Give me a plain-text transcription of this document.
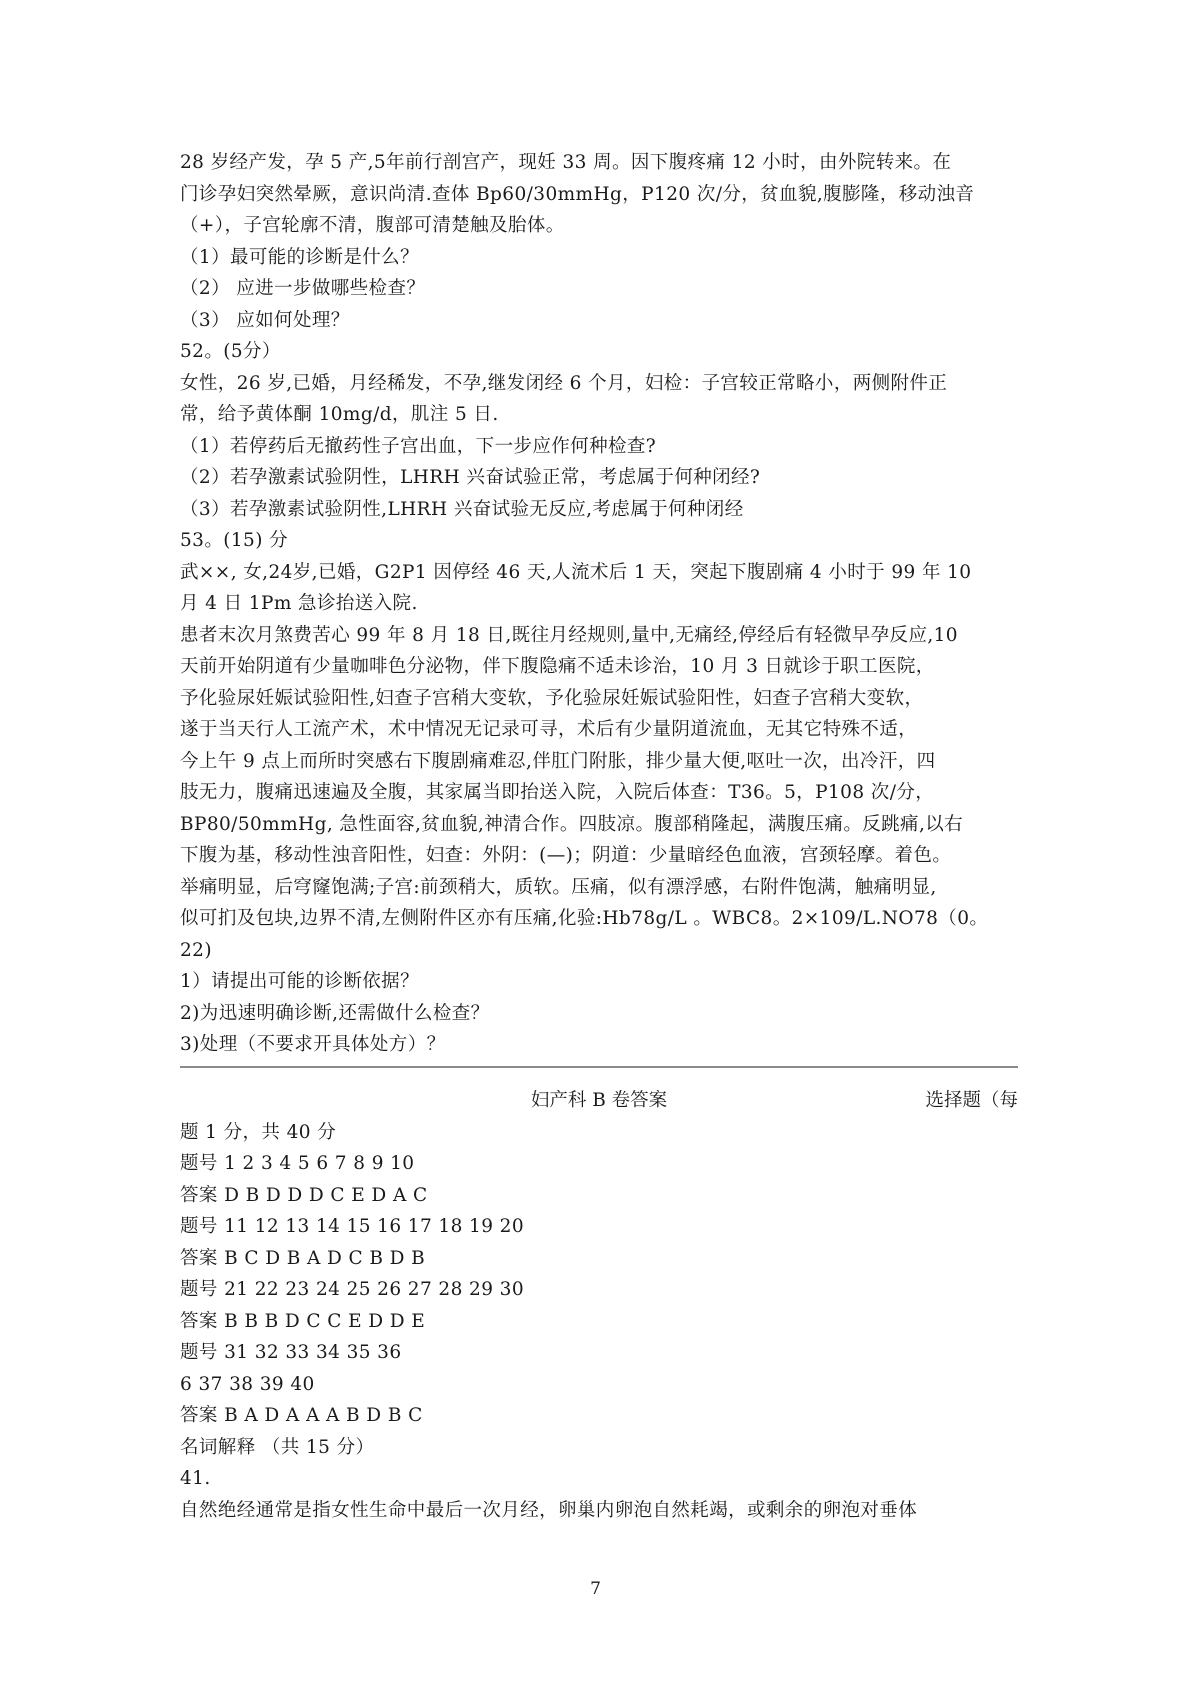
28 岁经产发，孕 5 产,5年前行剖宫产，现妊 33 周。因下腹疼痛 12 小时，由外院转来。在
门诊孕妇突然晕厥，意识尚清.查体 Bp60/30mmHg，P120 次/分，贫血貌,腹膨隆，移动浊音
（+），子宫轮廓不清，腹部可清楚触及胎体。
（1）最可能的诊断是什么？
（2） 应进一步做哪些检查？
（3） 应如何处理？
52。(5分）
女性，26 岁,已婚，月经稀发，不孕,继发闭经 6 个月，妇检：子宫较正常略小，两侧附件正
常，给予黄体酮 10mg/d，肌注 5 日.
（1）若停药后无撤药性子宫出血，下一步应作何种检查?
（2）若孕激素试验阴性，LHRH 兴奋试验正常，考虑属于何种闭经?
（3）若孕激素试验阴性,LHRH 兴奋试验无反应,考虑属于何种闭经
53。(15) 分
武××, 女,24岁,已婚，G2P1 因停经 46 天,人流术后 1 天，突起下腹剧痛 4 小时于 99 年 10
月 4 日 1Pm 急诊抬送入院.
患者末次月煞费苦心 99 年 8 月 18 日,既往月经规则,量中,无痛经,停经后有轻微早孕反应,10
天前开始阴道有少量咖啡色分泌物，伴下腹隐痛不适未诊治，10 月 3 日就诊于职工医院，
予化验尿妊娠试验阳性,妇查子宫稍大变软，予化验尿妊娠试验阳性，妇查子宫稍大变软，
遂于当天行人工流产术，术中情况无记录可寻，术后有少量阴道流血，无其它特殊不适，
今上午 9 点上而所时突感右下腹剧痛难忍,伴肛门附胀，排少量大便,呕吐一次，出冷汗，四
肢无力，腹痛迅速遍及全腹，其家属当即抬送入院，入院后体查：T36。5，P108 次/分，
BP80/50mmHg, 急性面容,贫血貌,神清合作。四肢凉。腹部稍隆起，满腹压痛。反跳痛,以右
下腹为基，移动性浊音阳性，妇查：外阴：(—)；阴道：少量暗经色血液，宫颈轻摩。着色。
举痛明显，后穹窿饱满;子宫:前颈稍大，质软。压痛，似有漂浮感，右附件饱满，触痛明显,
似可扪及包块,边界不清,左侧附件区亦有压痛,化验:Hb78g/L 。WBC8。2×109/L.NO78（0。
22)
1）请提出可能的诊断依据？
2)为迅速明确诊断,还需做什么检查？
3)处理（不要求开具体处方）？
妇产科 B 卷答案	选择题（每
题 1 分，共 40 分
题号 1 2 3 4 5 6 7 8 9 10
答案 D B D D D C E D A C
题号 11 12 13 14 15 16 17 18 19 20
答案 B C D B A D C B D B
题号 21 22 23 24 25 26 27 28 29 30
答案 B B B D C C E D D E
题号 31 32 33 34 35 36
6 37 38 39 40
答案 B A D A A A B D B C
名词解释 （共 15 分）
41.
自然绝经通常是指女性生命中最后一次月经，卵巢内卵泡自然耗竭，或剩余的卵泡对垂体
7
